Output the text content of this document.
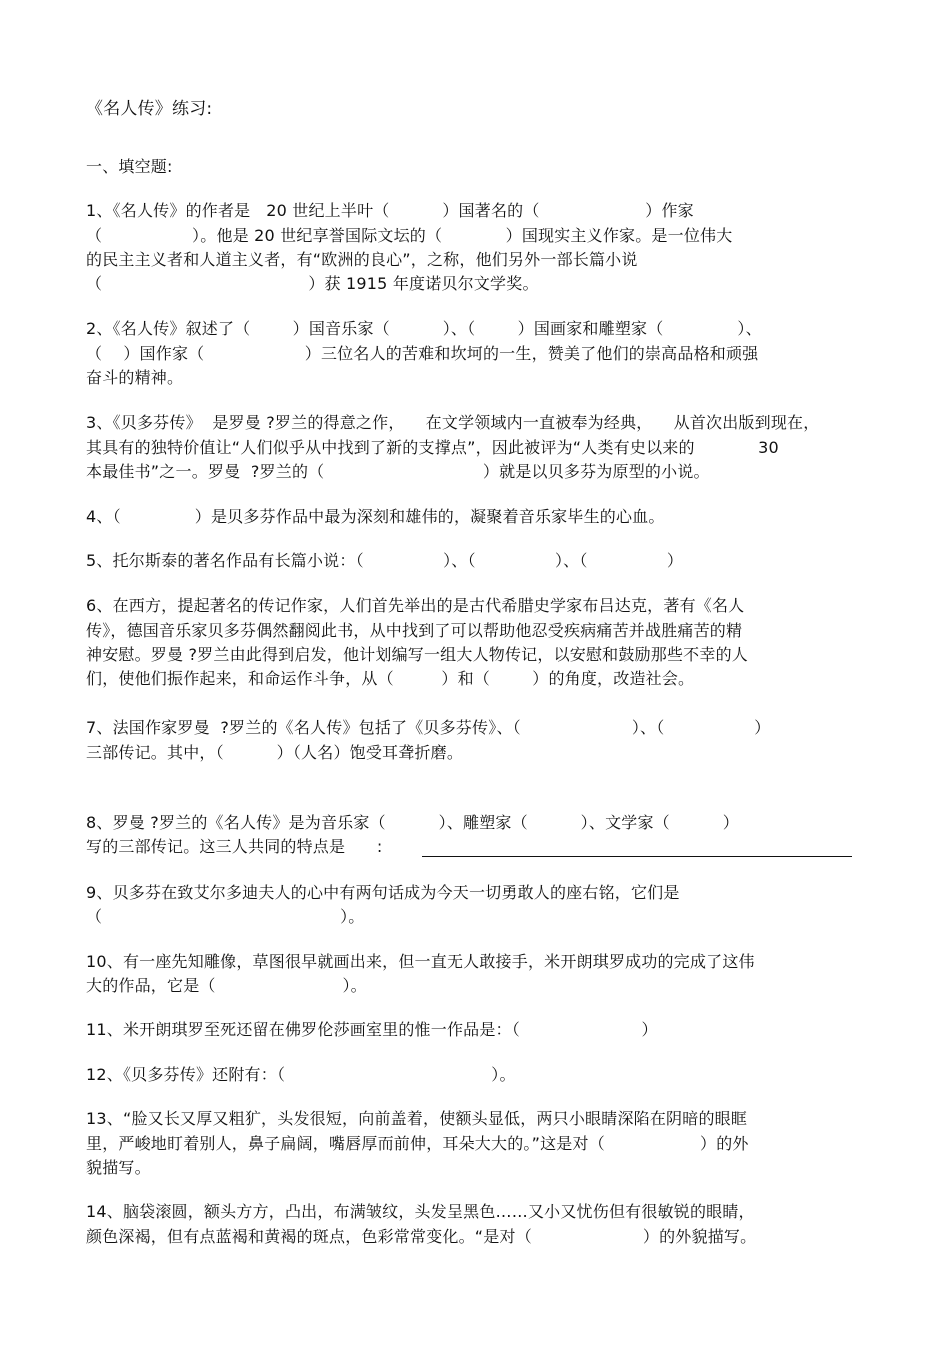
《名人传》练习:
一、填空题:
1、《名人传》的作者是   20 世纪上半叶（          ）国著名的（                    ）作家
（                 ）。他是 20 世纪享誉国际文坛的（            ）国现实主义作家。是一位伟大
的民主主义者和人道主义者，有“欧洲的良心”，之称，他们另外一部长篇小说
（                                       ）获 1915 年度诺贝尔文学奖。
2、《名人传》叙述了（        ）国音乐家（          ）、（        ）国画家和雕塑家（              ）、
（    ）国作家（                   ）三位名人的苦难和坎坷的一生，赞美了他们的崇高品格和顽强
奋斗的精神。
3、《贝多芬传》  是罗曼 ?罗兰的得意之作，    在文学领域内一直被奉为经典，    从首次出版到现在，
其具有的独特价值让“人们似乎从中找到了新的支撑点”，因此被评为“人类有史以来的            30
本最佳书”之一。罗曼  ?罗兰的（                              ）就是以贝多芬为原型的小说。
4、（              ）是贝多芬作品中最为深刻和雄伟的，凝聚着音乐家毕生的心血。
5、托尔斯泰的著名作品有长篇小说：（               ）、（               ）、（               ）
6、在西方，提起著名的传记作家，人们首先举出的是古代希腊史学家布吕达克，著有《名人
传》，德国音乐家贝多芬偶然翻阅此书，从中找到了可以帮助他忍受疾病痛苦并战胜痛苦的精
神安慰。罗曼 ?罗兰由此得到启发，他计划编写一组大人物传记，以安慰和鼓励那些不幸的人
们，使他们振作起来，和命运作斗争，从（         ）和（        ）的角度，改造社会。
7、法国作家罗曼  ?罗兰的《名人传》包括了《贝多芬传》、（                     ）、（                 ）
三部传记。其中，（          ）（人名）饱受耳聋折磨。
8、罗曼 ?罗兰的《名人传》是为音乐家（          ）、雕塑家（          ）、文学家（          ）
写的三部传记。这三人共同的特点是      :
9、贝多芬在致艾尔多迪夫人的心中有两句话成为今天一切勇敢人的座右铭，它们是
（                                             ）。
10、有一座先知雕像，草图很早就画出来，但一直无人敢接手，米开朗琪罗成功的完成了这伟
大的作品，它是（                        ）。
11、米开朗琪罗至死还留在佛罗伦莎画室里的惟一作品是：（                       ）
12、《贝多芬传》还附有：（                                       ）。
13、“脸又长又厚又粗犷，头发很短，向前盖着，使额头显低，两只小眼睛深陷在阴暗的眼眶
里，严峻地盯着别人，鼻子扁阔，嘴唇厚而前伸，耳朵大大的。”这是对（                  ）的外
貌描写。
14、脑袋滚圆，额头方方，凸出，布满皱纹，头发呈黑色……又小又忧伤但有很敏锐的眼睛，
颜色深褐，但有点蓝褐和黄褐的斑点，色彩常常变化。“是对（                     ）的外貌描写。
